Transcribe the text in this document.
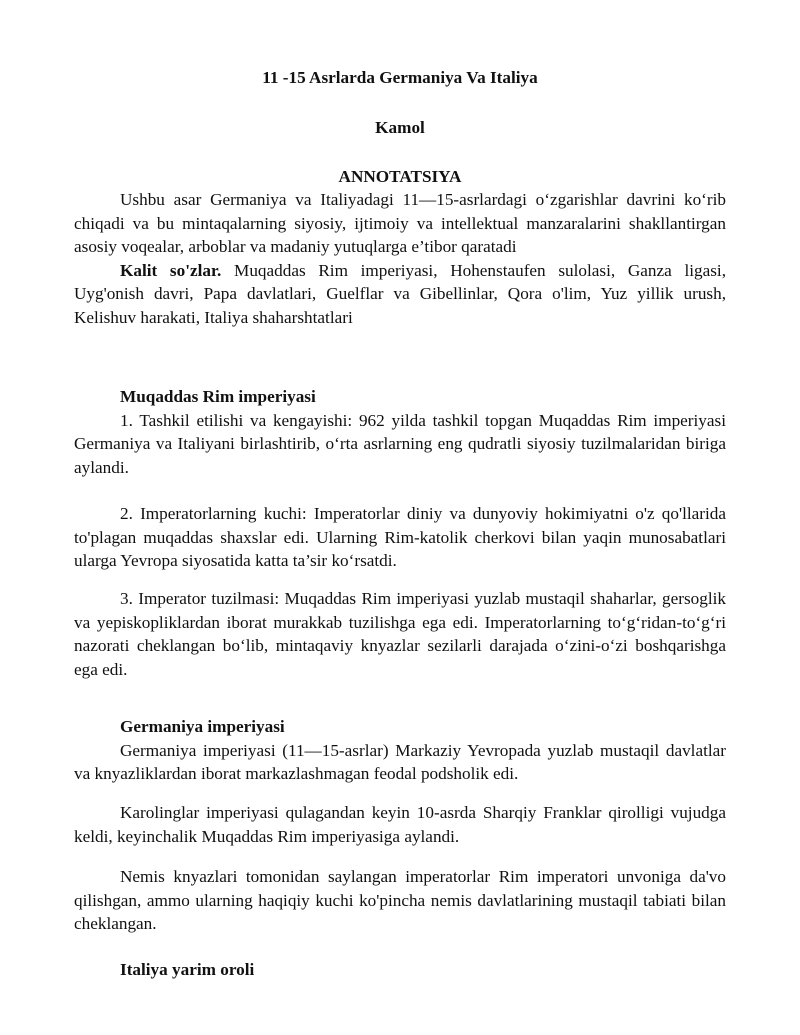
11 -15 Asrlarda Germaniya Va Italiya

Kamol

ANNOTATSIYA

Ushbu asar Germaniya va Italiyadagi 11—15-asrlardagi o‘zgarishlar davrini ko‘rib chiqadi va bu mintaqalarning siyosiy, ijtimoiy va intellektual manzaralarini shakllantirgan asosiy voqealar, arboblar va madaniy yutuqlarga e’tibor qaratadi

Kalit so'zlar. Muqaddas Rim imperiyasi, Hohenstaufen sulolasi, Ganza ligasi, Uyg'onish davri, Papa davlatlari, Guelflar va Gibellinlar, Qora o'lim, Yuz yillik urush, Kelishuv harakati, Italiya shaharshtatlari

Muqaddas Rim imperiyasi

1. Tashkil etilishi va kengayishi: 962 yilda tashkil topgan Muqaddas Rim imperiyasi Germaniya va Italiyani birlashtirib, o‘rta asrlarning eng qudratli siyosiy tuzilmalaridan biriga aylandi.

2. Imperatorlarning kuchi: Imperatorlar diniy va dunyoviy hokimiyatni o'z qo'llarida to'plagan muqaddas shaxslar edi. Ularning Rim-katolik cherkovi bilan yaqin munosabatlari ularga Yevropa siyosatida katta ta’sir ko‘rsatdi.

3. Imperator tuzilmasi: Muqaddas Rim imperiyasi yuzlab mustaqil shaharlar, gersoglik va yepiskopliklardan iborat murakkab tuzilishga ega edi. Imperatorlarning to‘g‘ridan-to‘g‘ri nazorati cheklangan bo‘lib, mintaqaviy knyazlar sezilarli darajada o‘zini-o‘zi boshqarishga ega edi.

Germaniya imperiyasi

Germaniya imperiyasi (11—15-asrlar) Markaziy Yevropada yuzlab mustaqil davlatlar va knyazliklardan iborat markazlashmagan feodal podsholik edi.

Karolinglar imperiyasi qulagandan keyin 10-asrda Sharqiy Franklar qirolligi vujudga keldi, keyinchalik Muqaddas Rim imperiyasiga aylandi.

Nemis knyazlari tomonidan saylangan imperatorlar Rim imperatori unvoniga da'vo qilishgan, ammo ularning haqiqiy kuchi ko'pincha nemis davlatlarining mustaqil tabiati bilan cheklangan.

Italiya yarim oroli
